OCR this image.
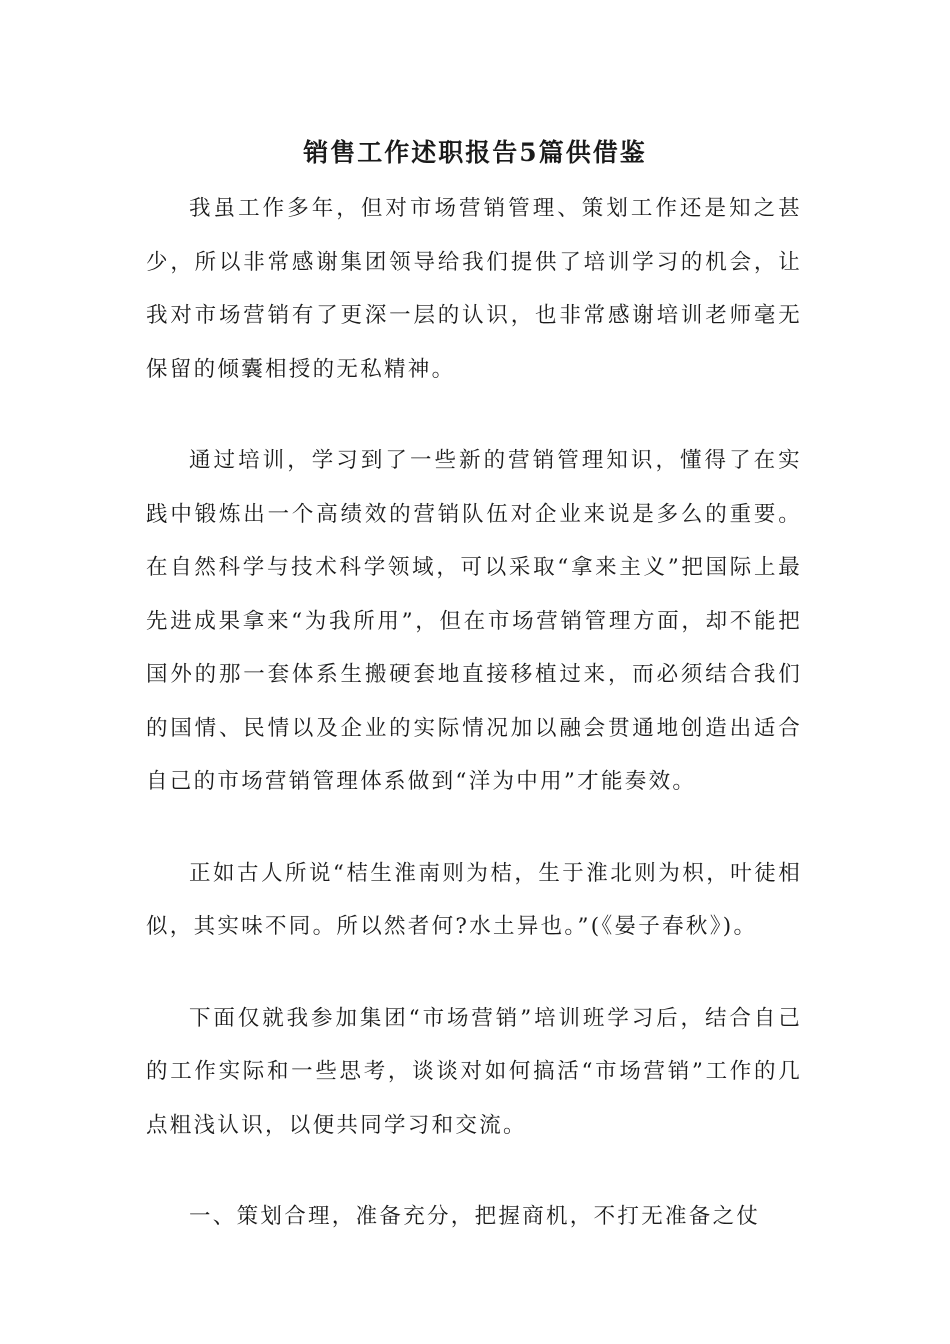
销售工作述职报告5篇供借鉴

我虽工作多年，但对市场营销管理、策划工作还是知之甚少，所以非常感谢集团领导给我们提供了培训学习的机会，让我对市场营销有了更深一层的认识，也非常感谢培训老师毫无保留的倾囊相授的无私精神。

通过培训，学习到了一些新的营销管理知识，懂得了在实践中锻炼出一个高绩效的营销队伍对企业来说是多么的重要。在自然科学与技术科学领域，可以采取“拿来主义”把国际上最先进成果拿来“为我所用”，但在市场营销管理方面，却不能把国外的那一套体系生搬硬套地直接移植过来，而必须结合我们的国情、民情以及企业的实际情况加以融会贯通地创造出适合自己的市场营销管理体系做到“洋为中用”才能奏效。

正如古人所说“桔生淮南则为桔，生于淮北则为枳，叶徒相似，其实味不同。所以然者何?水土异也。”(《晏子春秋》)。

下面仅就我参加集团“市场营销”培训班学习后，结合自己的工作实际和一些思考，谈谈对如何搞活“市场营销”工作的几点粗浅认识，以便共同学习和交流。

一、策划合理，准备充分，把握商机，不打无准备之仗
